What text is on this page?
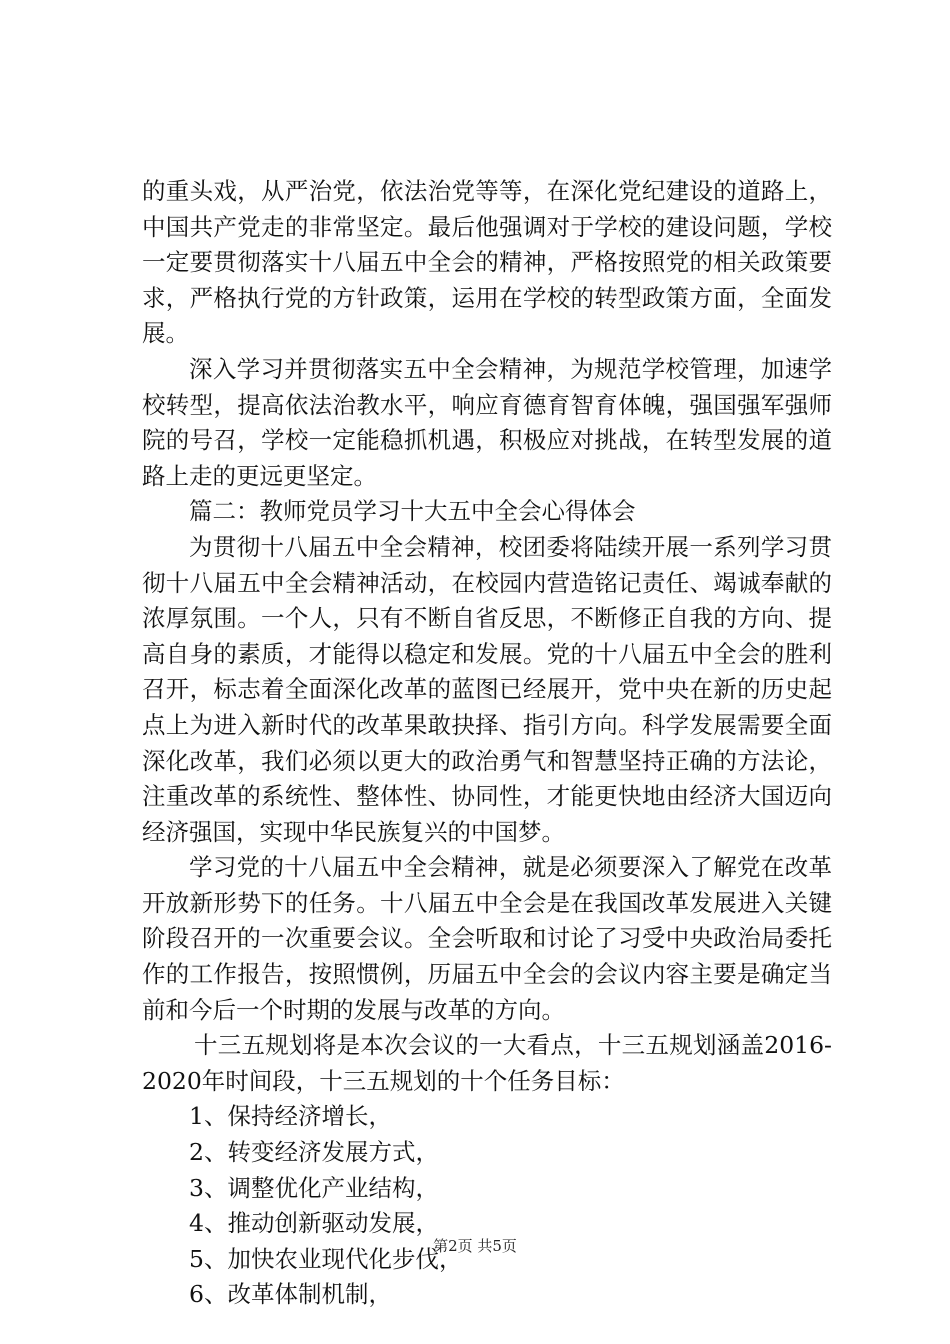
的重头戏，从严治党，依法治党等等，在深化党纪建设的道路上，中国共产党走的非常坚定。最后他强调对于学校的建设问题，学校一定要贯彻落实十八届五中全会的精神，严格按照党的相关政策要求，严格执行党的方针政策，运用在学校的转型政策方面，全面发展。

深入学习并贯彻落实五中全会精神，为规范学校管理，加速学校转型，提高依法治教水平，响应育德育智育体魄，强国强军强师院的号召，学校一定能稳抓机遇，积极应对挑战，在转型发展的道路上走的更远更坚定。

篇二：教师党员学习十大五中全会心得体会

为贯彻十八届五中全会精神，校团委将陆续开展一系列学习贯彻十八届五中全会精神活动，在校园内营造铭记责任、竭诚奉献的浓厚氛围。一个人，只有不断自省反思，不断修正自我的方向、提高自身的素质，才能得以稳定和发展。党的十八届五中全会的胜利召开，标志着全面深化改革的蓝图已经展开，党中央在新的历史起点上为进入新时代的改革果敢抉择、指引方向。科学发展需要全面深化改革，我们必须以更大的政治勇气和智慧坚持正确的方法论，注重改革的系统性、整体性、协同性，才能更快地由经济大国迈向经济强国，实现中华民族复兴的中国梦。

学习党的十八届五中全会精神，就是必须要深入了解党在改革开放新形势下的任务。十八届五中全会是在我国改革发展进入关键阶段召开的一次重要会议。全会听取和讨论了习受中央政治局委托作的工作报告，按照惯例，历届五中全会的会议内容主要是确定当前和今后一个时期的发展与改革的方向。

十三五规划将是本次会议的一大看点，十三五规划涵盖2016-2020年时间段，十三五规划的十个任务目标：

1、保持经济增长，

2、转变经济发展方式，

3、调整优化产业结构，

4、推动创新驱动发展，

5、加快农业现代化步伐，

6、改革体制机制，

第2页 共5页
